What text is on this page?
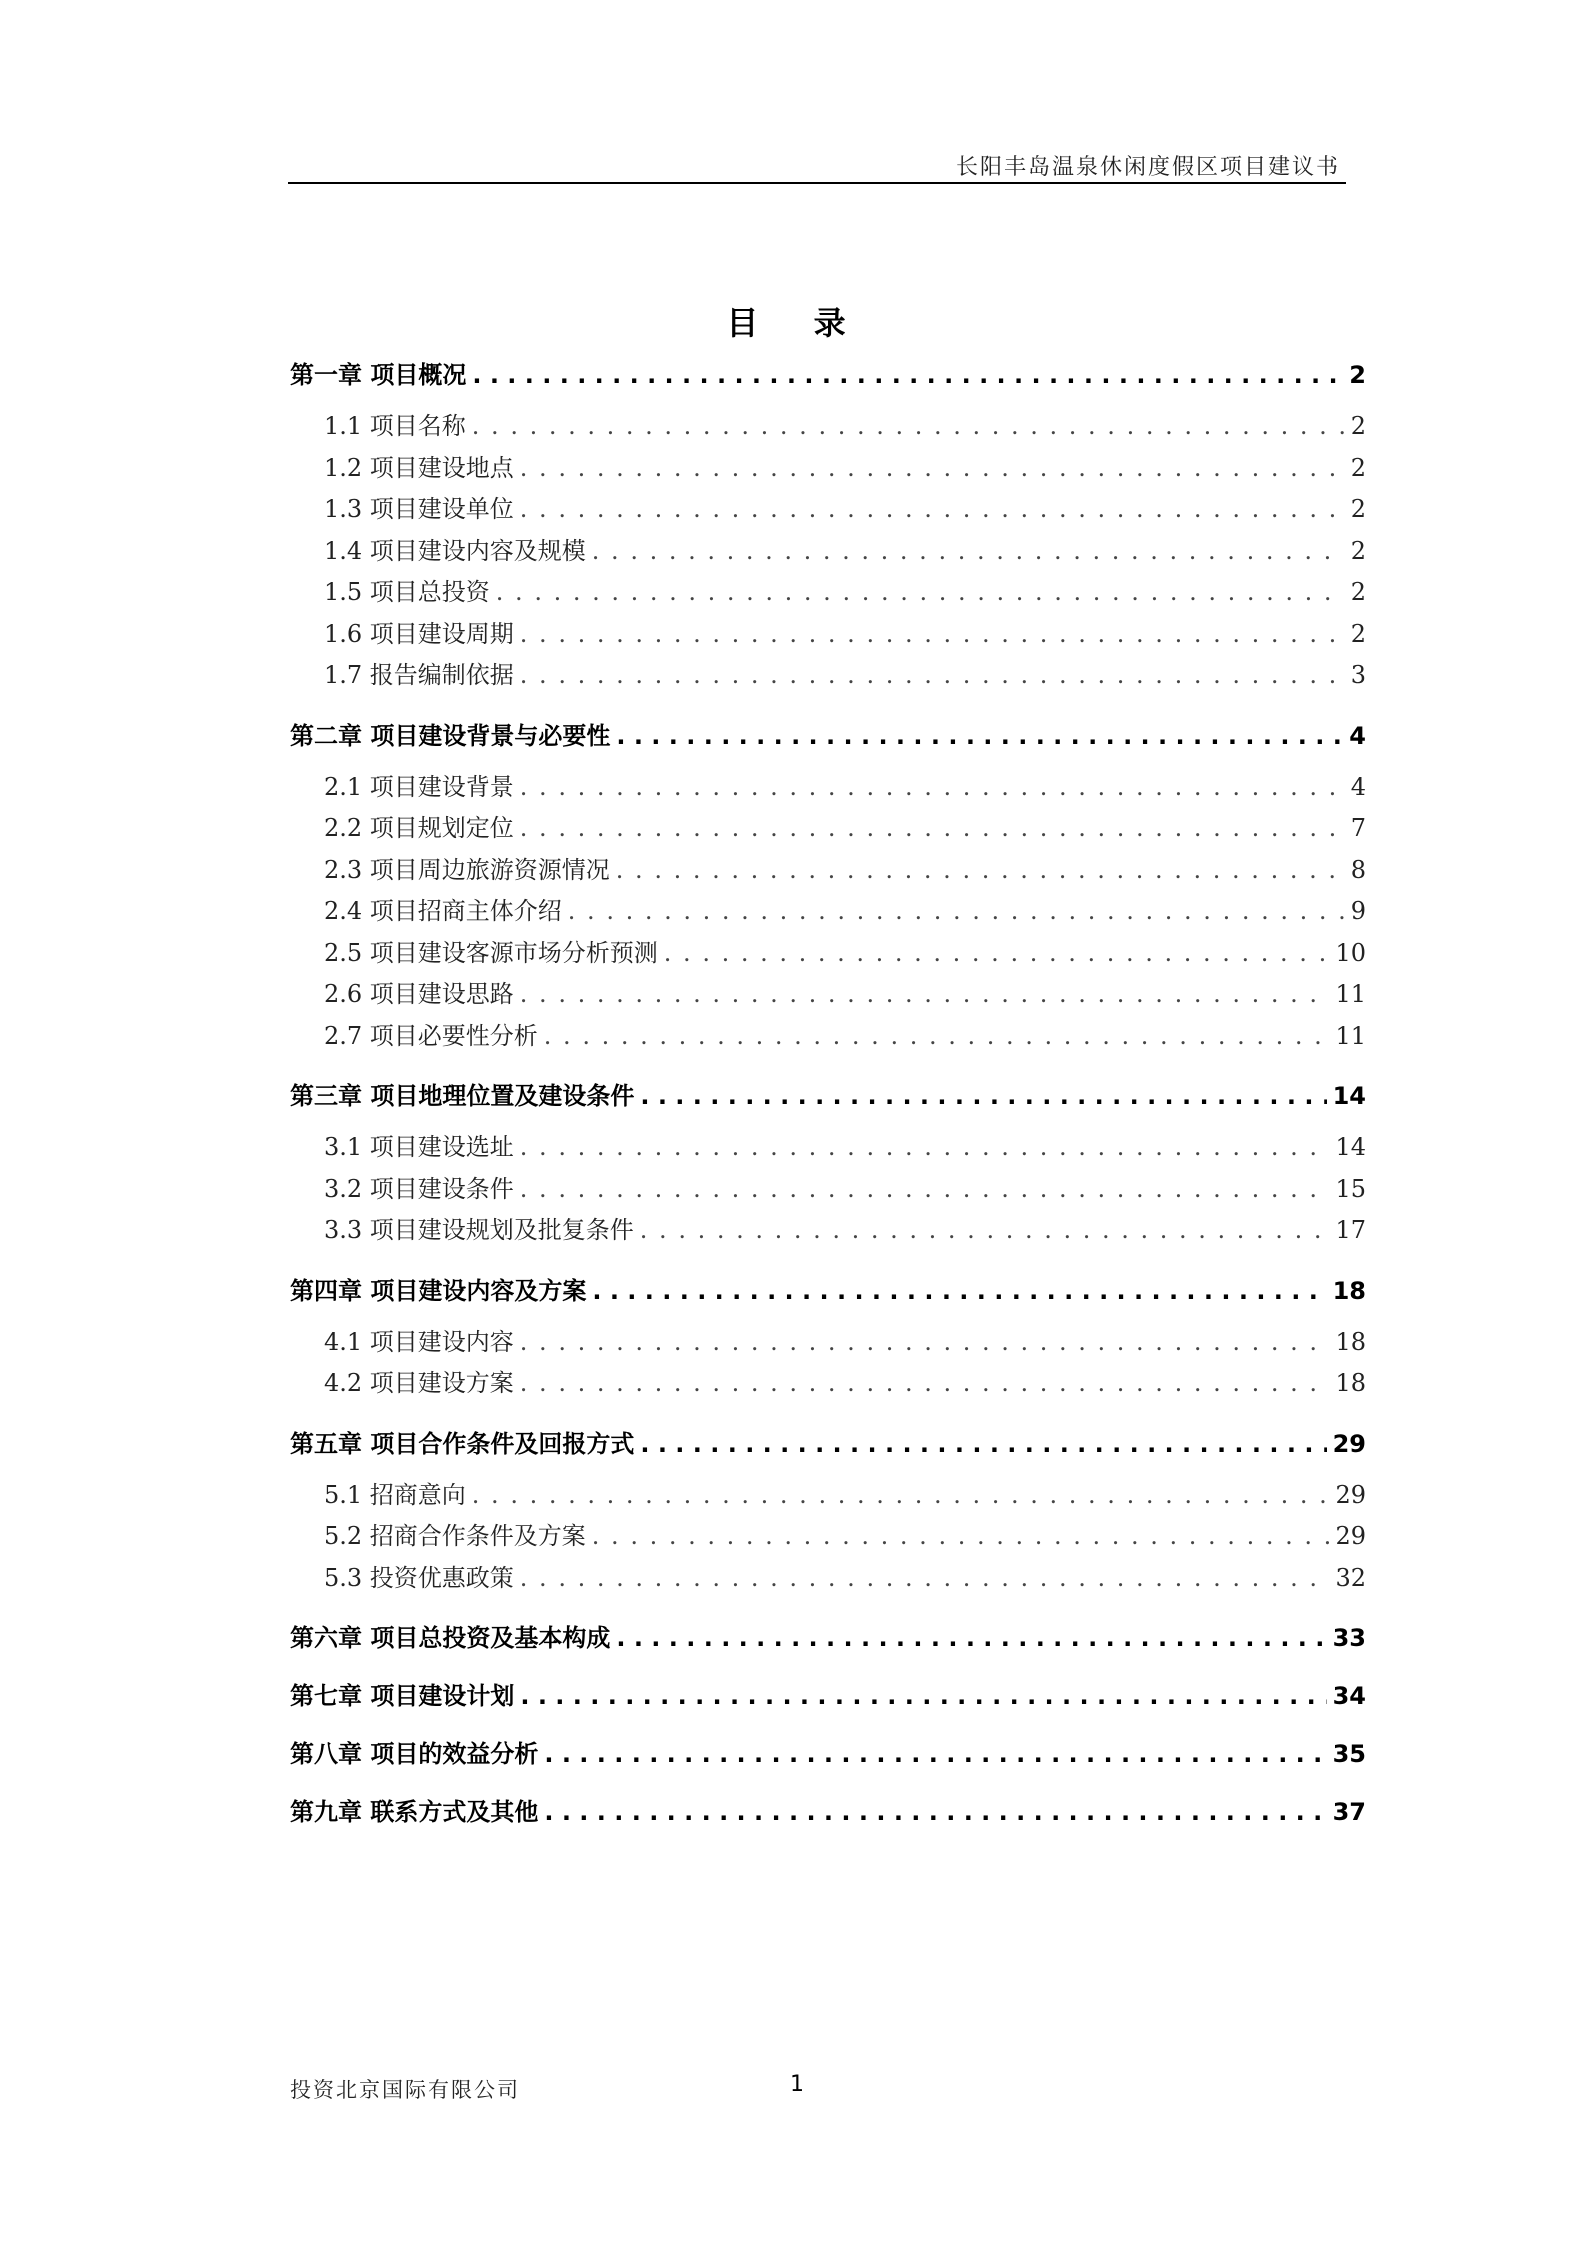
长阳丰岛温泉休闲度假区项目建议书
目 录
第一章 项目概况 . . .	2
1.1 项目名称 . . .	2
1.2 项目建设地点 . . .	2
1.3 项目建设单位 . . .	2
1.4 项目建设内容及规模 . . .	2
1.5 项目总投资 . . .	2
1.6 项目建设周期 . . .	2
1.7 报告编制依据 . . .	3
第二章 项目建设背景与必要性 . . .	4
2.1 项目建设背景 . . .	4
2.2 项目规划定位 . . .	7
2.3 项目周边旅游资源情况 . . .	8
2.4 项目招商主体介绍 . . .	9
2.5 项目建设客源市场分析预测 . . .	10
2.6 项目建设思路 . . .	11
2.7 项目必要性分析 . . .	11
第三章 项目地理位置及建设条件 . . .	14
3.1 项目建设选址 . . .	14
3.2 项目建设条件 . . .	15
3.3 项目建设规划及批复条件 . . .	17
第四章 项目建设内容及方案 . . .	18
4.1 项目建设内容 . . .	18
4.2 项目建设方案 . . .	18
第五章 项目合作条件及回报方式 . . .	29
5.1 招商意向 . . .	29
5.2 招商合作条件及方案 . . .	29
5.3 投资优惠政策 . . .	32
第六章 项目总投资及基本构成 . . .	33
第七章 项目建设计划 . . .	34
第八章 项目的效益分析 . . .	35
第九章 联系方式及其他 . . .	37
投资北京国际有限公司	1
